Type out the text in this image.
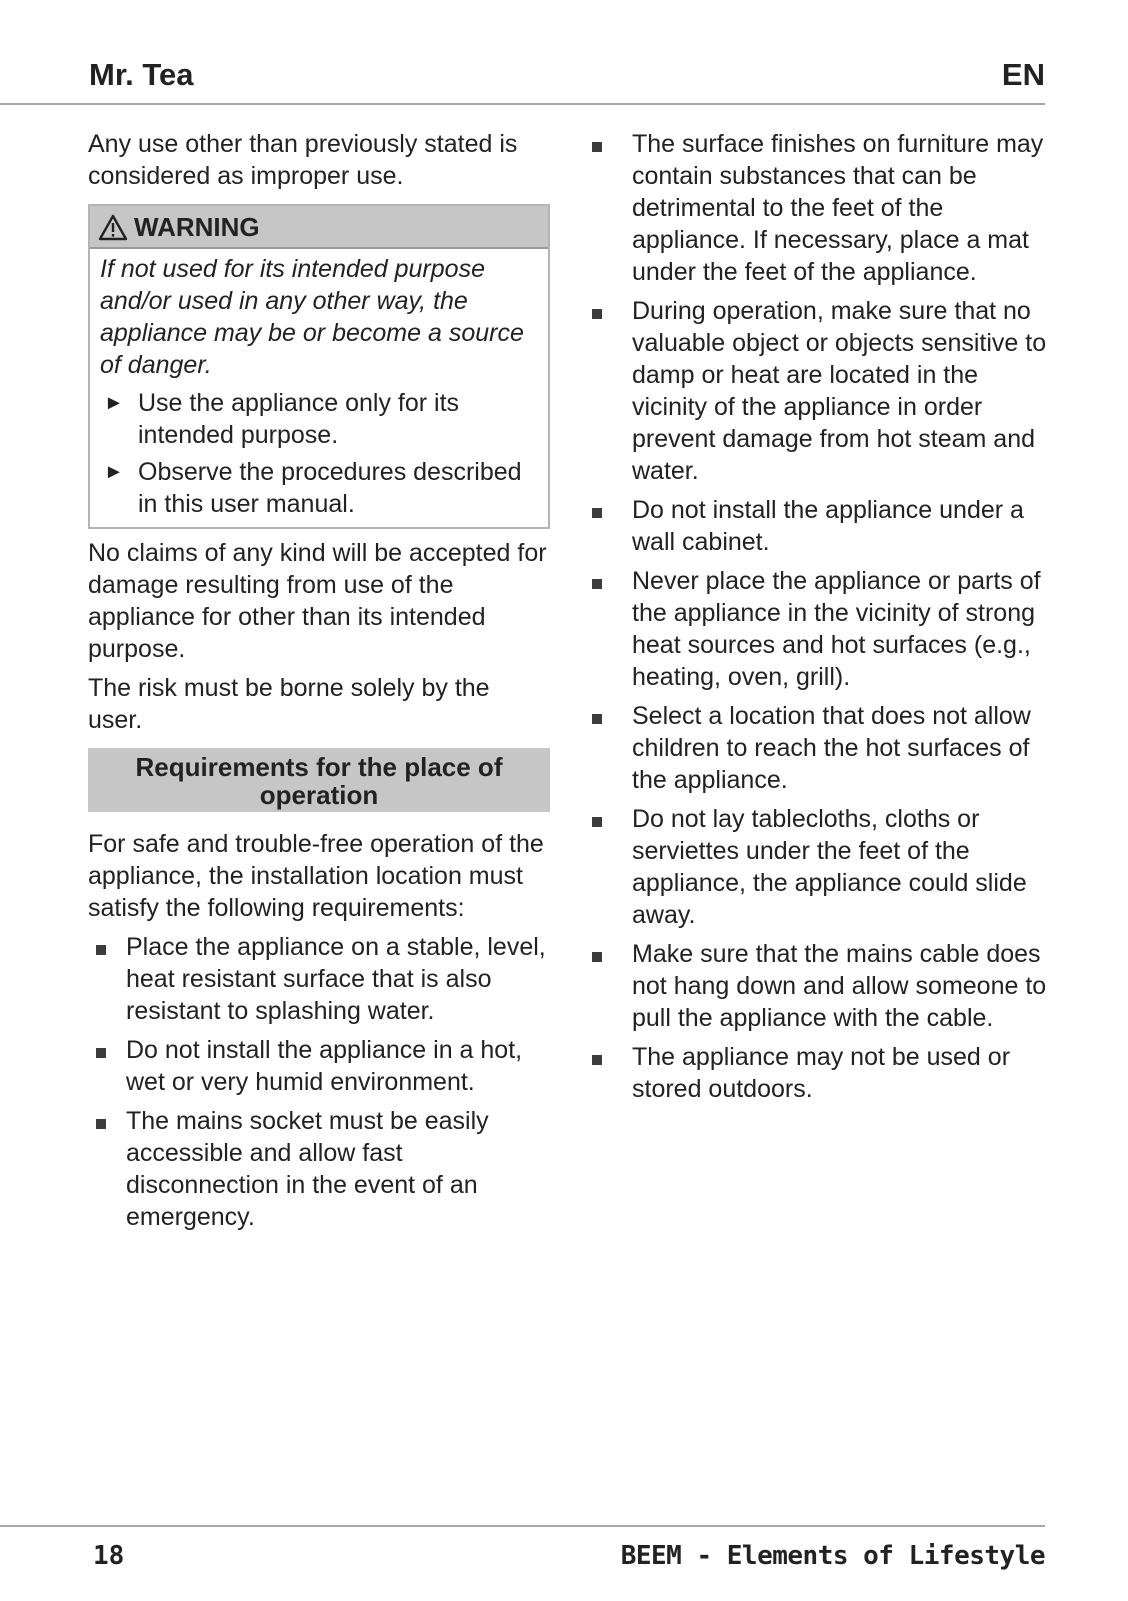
Mr. Tea	EN

Any use other than previously stated is considered as improper use.

WARNING

If not used for its intended purpose and/or used in any other way, the appliance may be or become a source of danger.

► Use the appliance only for its intended purpose.
► Observe the procedures described in this user manual.

No claims of any kind will be accepted for damage resulting from use of the appliance for other than its intended purpose.

The risk must be borne solely by the user.

Requirements for the place of operation

For safe and trouble-free operation of the appliance, the installation location must satisfy the following requirements:

Place the appliance on a stable, level, heat resistant surface that is also resistant to splashing water.
Do not install the appliance in a hot, wet or very humid environment.
The mains socket must be easily accessible and allow fast disconnection in the event of an emergency.
The surface finishes on furniture may contain substances that can be detrimental to the feet of the appliance. If necessary, place a mat under the feet of the appliance.
During operation, make sure that no valuable object or objects sensitive to damp or heat are located in the vicinity of the appliance in order prevent damage from hot steam and water.
Do not install the appliance under a wall cabinet.
Never place the appliance or parts of the appliance in the vicinity of strong heat sources and hot surfaces (e.g., heating, oven, grill).
Select a location that does not allow children to reach the hot surfaces of the appliance.
Do not lay tablecloths, cloths or serviettes under the feet of the appliance, the appliance could slide away.
Make sure that the mains cable does not hang down and allow someone to pull the appliance with the cable.
The appliance may not be used or stored outdoors.
18	BEEM - Elements of Lifestyle
